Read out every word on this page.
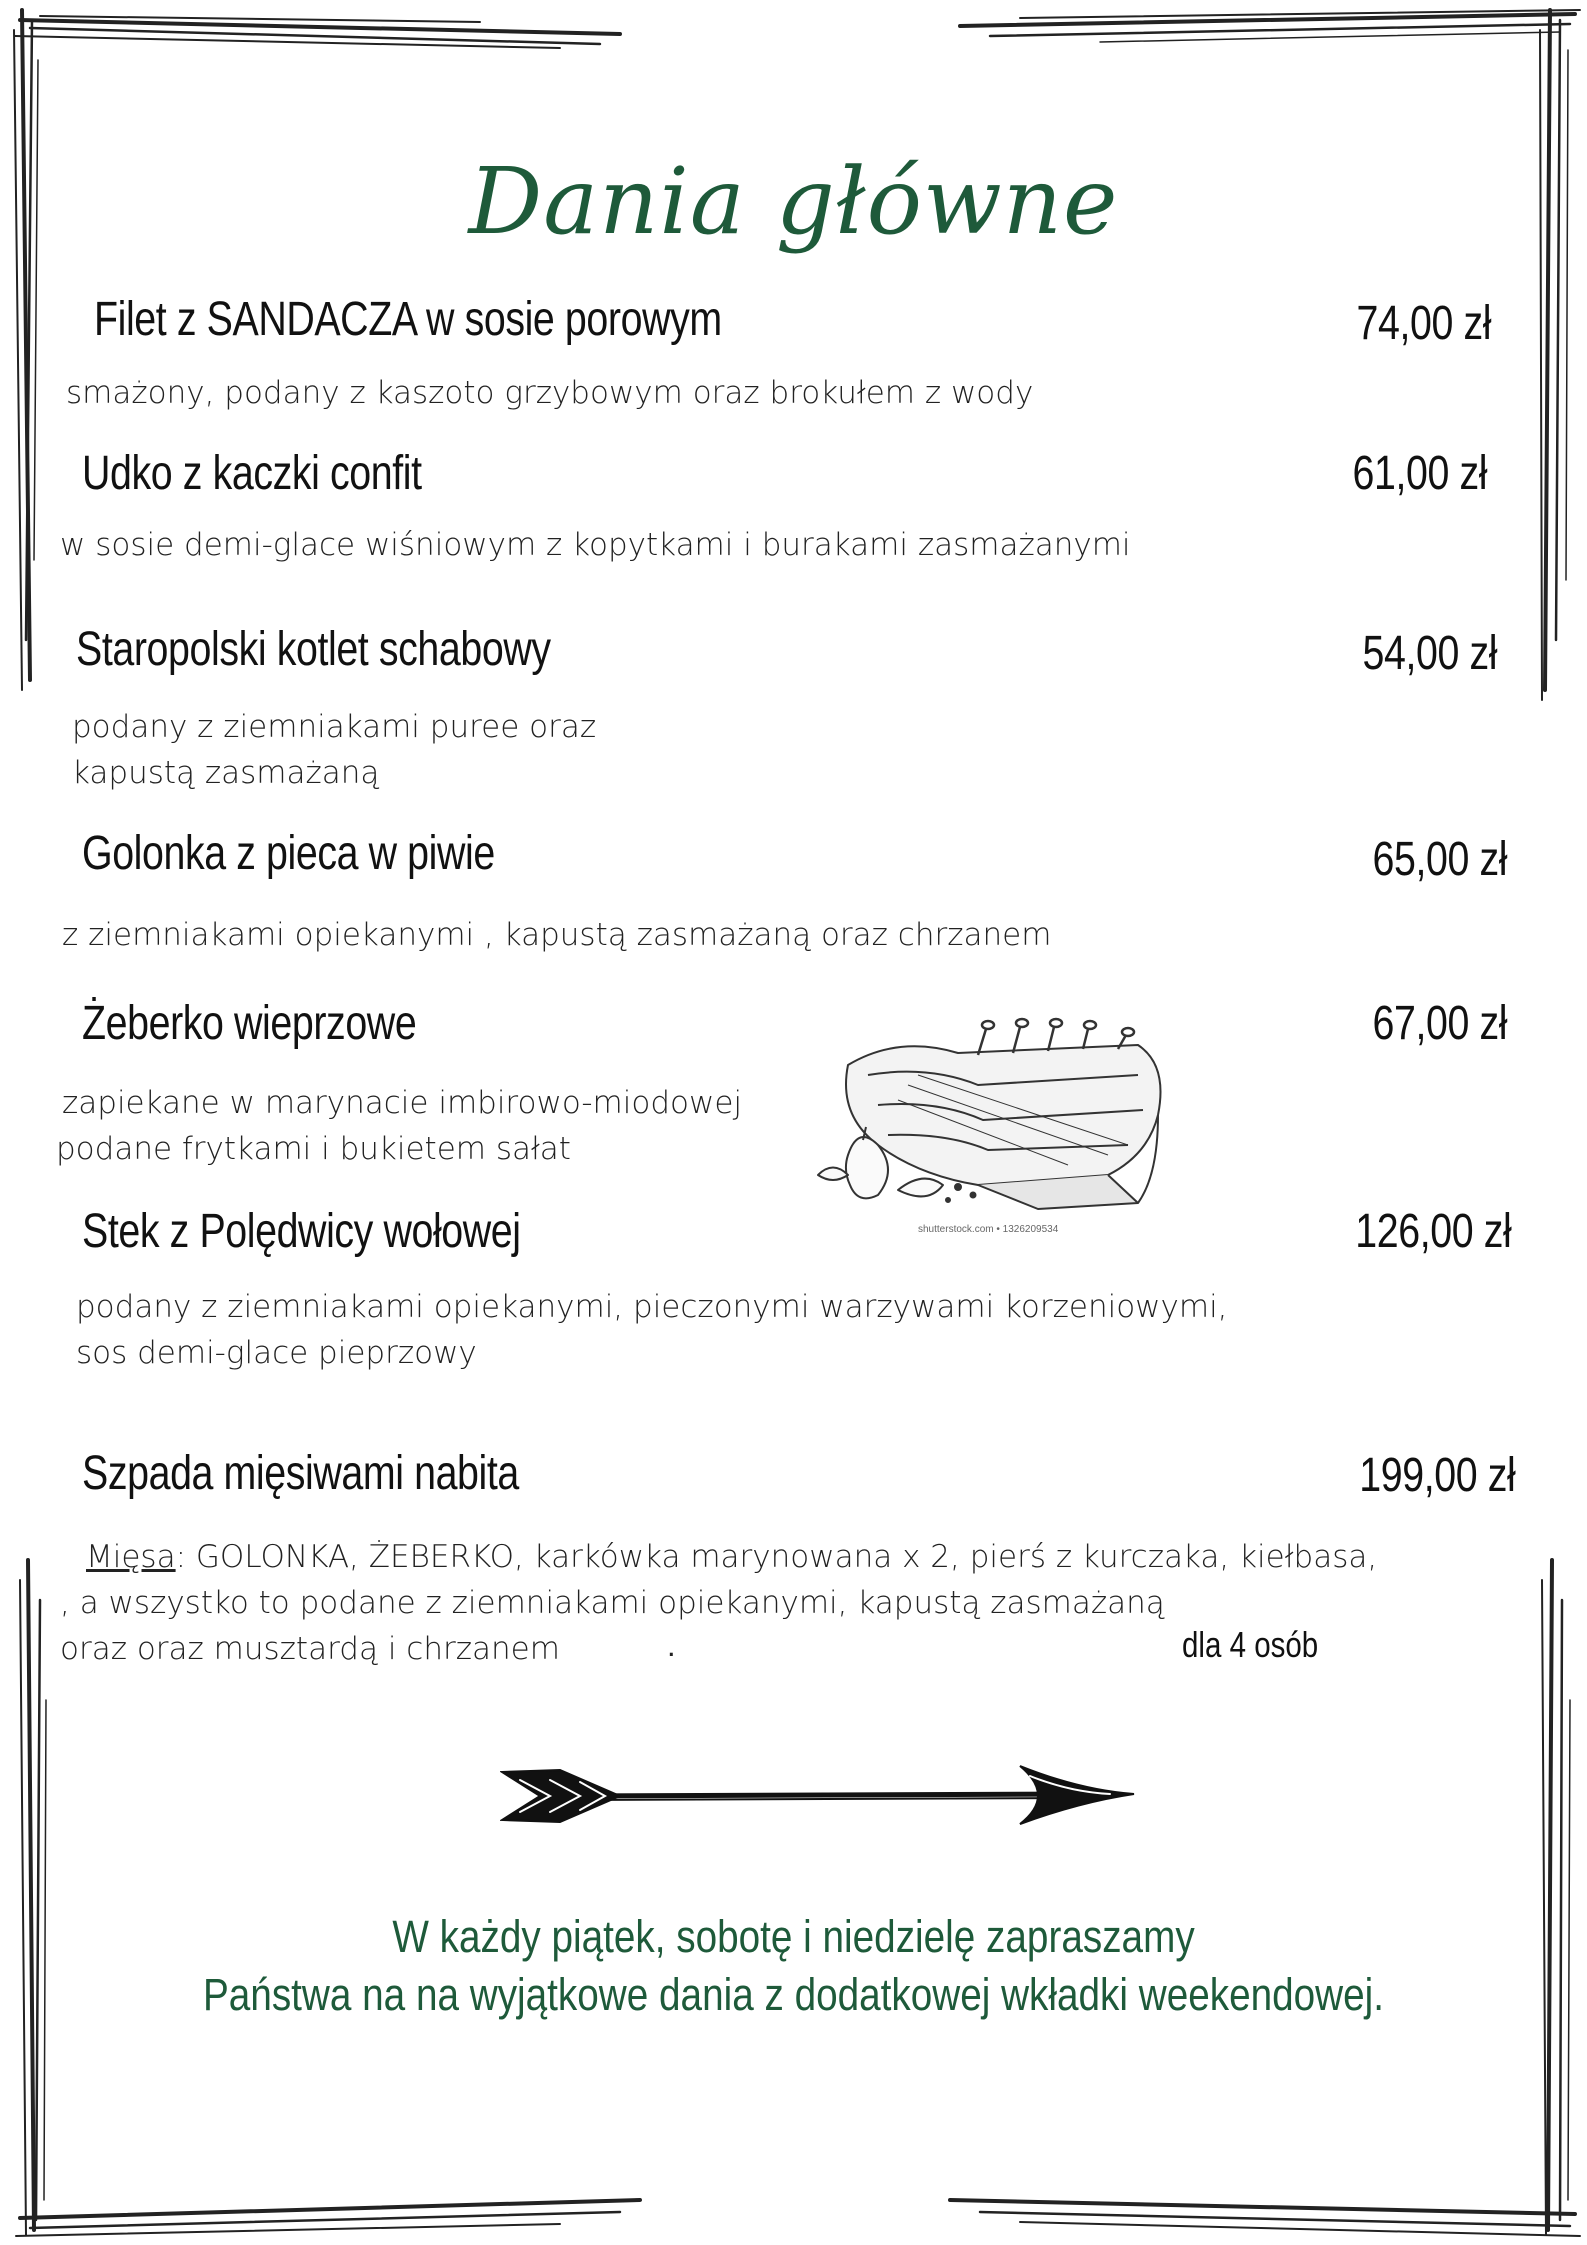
Dania główne
Filet z SANDACZA w sosie porowym	74,00 zł
smażony, podany z kaszoto grzybowym oraz brokułem z wody
Udko z kaczki confit	61,00 zł
w sosie demi-glace wiśniowym z kopytkami i burakami zasmażanymi
Staropolski kotlet schabowy	54,00 zł
podany z ziemniakami puree oraz
kapustą zasmażaną
Golonka z pieca w piwie	65,00 zł
z ziemniakami opiekanymi , kapustą zasmażaną oraz chrzanem
Żeberko wieprzowe	67,00 zł
zapiekane w marynacie imbirowo-miodowej
podane frytkami i bukietem sałat
shutterstock.com • 1326209534
Stek z Polędwicy wołowej	126,00 zł
podany z ziemniakami opiekanymi, pieczonymi warzywami korzeniowymi,
sos demi-glace pieprzowy
Szpada mięsiwami nabita	199,00 zł
Mięsa: GOLONKA, ŻEBERKO, karkówka marynowana x 2, pierś z kurczaka, kiełbasa,
, a wszystko to podane z ziemniakami opiekanymi, kapustą zasmażaną
oraz oraz musztardą i chrzanem	.	dla 4 osób
W każdy piątek, sobotę i niedzielę zapraszamy
Państwa na na wyjątkowe dania z dodatkowej wkładki weekendowej.
